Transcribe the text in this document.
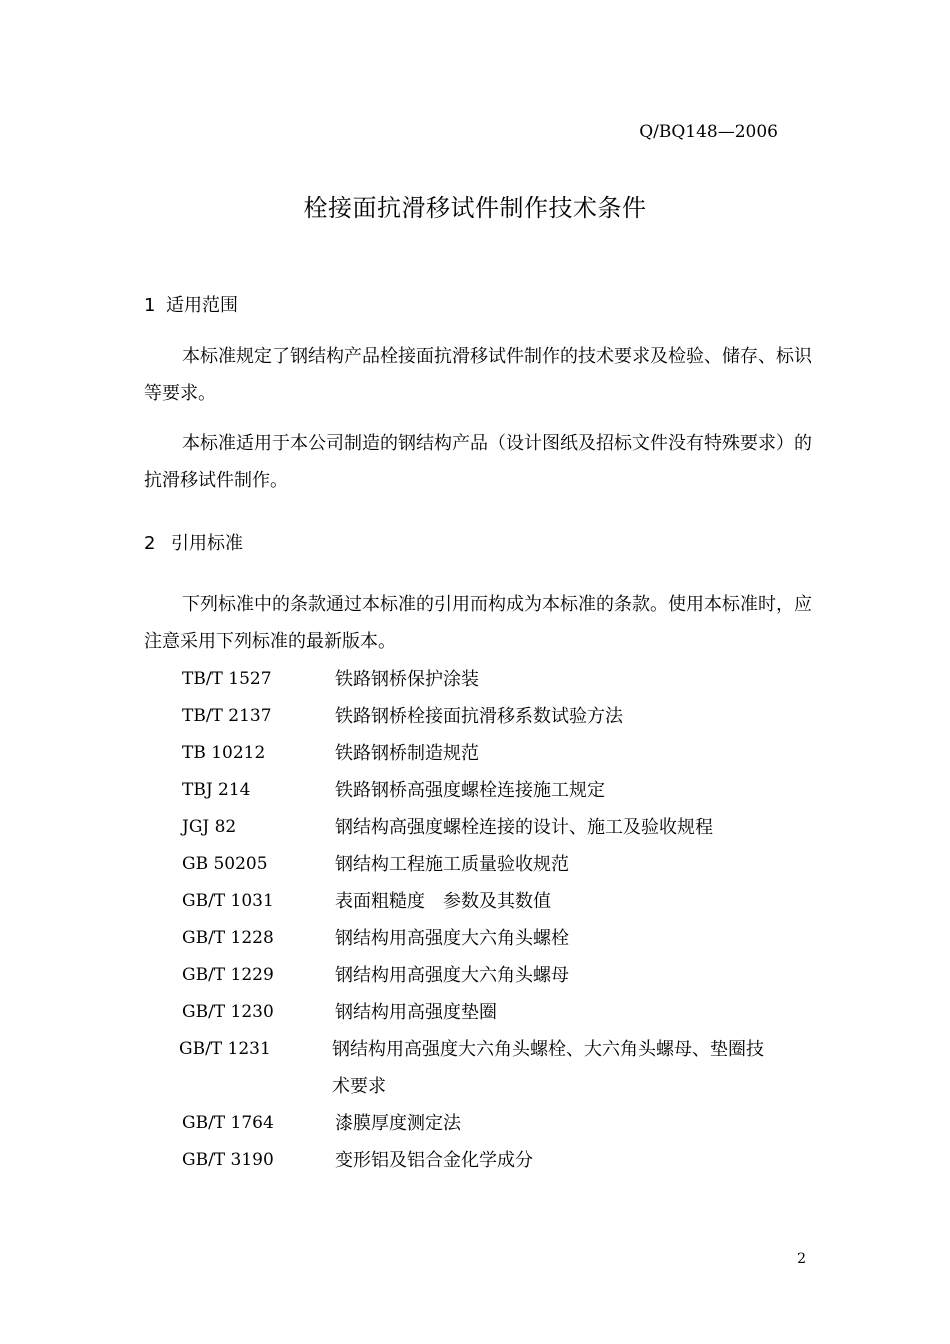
Q/BQ148—2006
栓接面抗滑移试件制作技术条件
1 适用范围

本标准规定了钢结构产品栓接面抗滑移试件制作的技术要求及检验、储存、标识等要求。

本标准适用于本公司制造的钢结构产品（设计图纸及招标文件没有特殊要求）的抗滑移试件制作。

2 引用标准

下列标准中的条款通过本标准的引用而构成为本标准的条款。使用本标准时，应注意采用下列标准的最新版本。

TB/T 1527	铁路钢桥保护涂装
TB/T 2137	铁路钢桥栓接面抗滑移系数试验方法
TB 10212	铁路钢桥制造规范
TBJ 214	铁路钢桥高强度螺栓连接施工规定
JGJ 82	钢结构高强度螺栓连接的设计、施工及验收规程
GB 50205	钢结构工程施工质量验收规范
GB/T 1031	表面粗糙度　参数及其数值
GB/T 1228	钢结构用高强度大六角头螺栓
GB/T 1229	钢结构用高强度大六角头螺母
GB/T 1230	钢结构用高强度垫圈
GB/T 1231	钢结构用高强度大六角头螺栓、大六角头螺母、垫圈技术要求
GB/T 1764	漆膜厚度测定法
GB/T 3190	变形铝及铝合金化学成分
2
